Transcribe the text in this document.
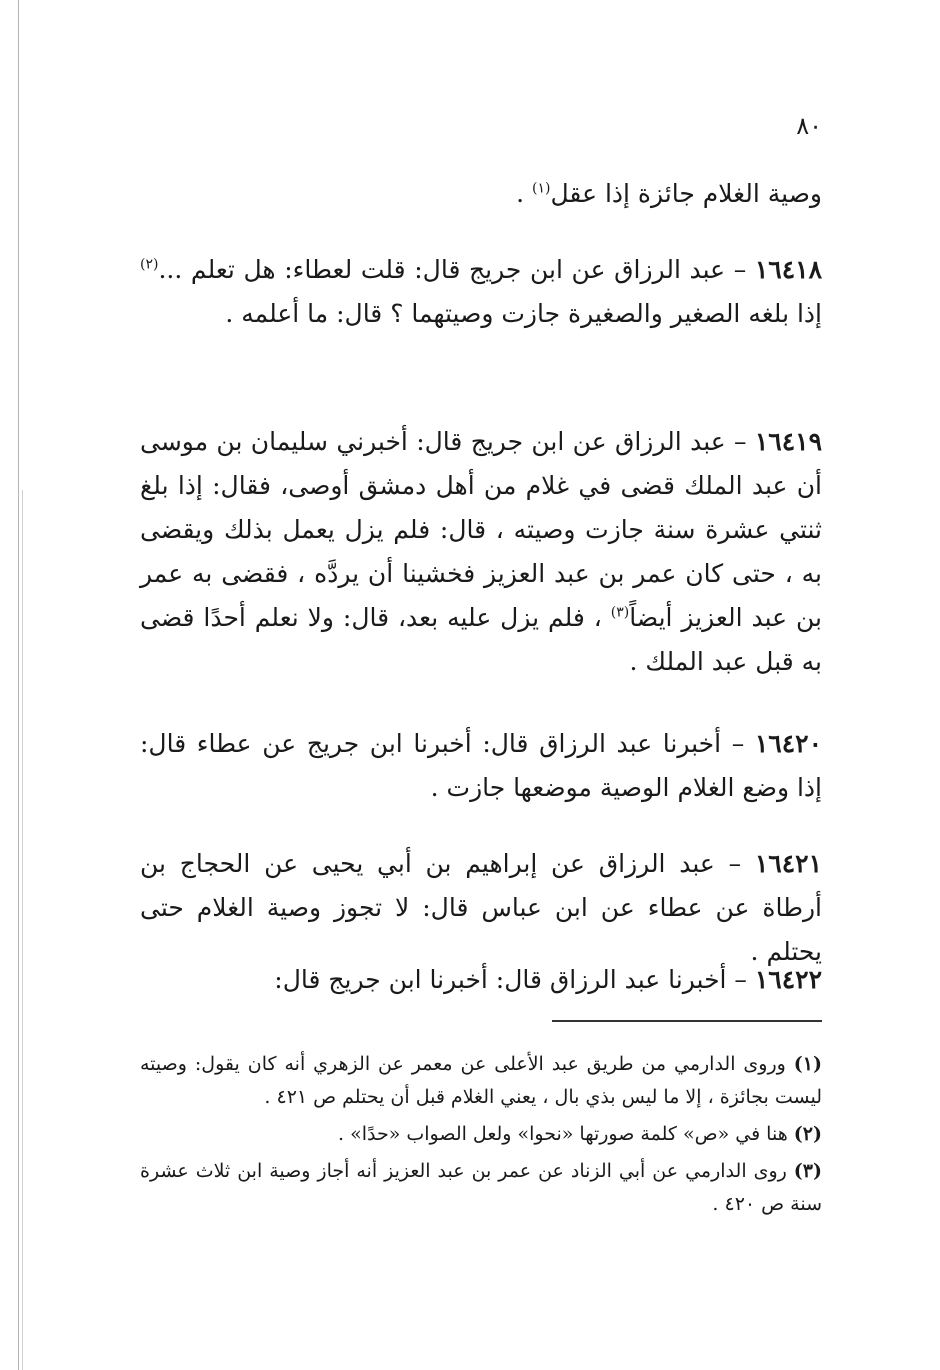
٨٠
وصية الغلام جائزة إذا عقل$^{(١)}$ .
١٦٤١٨ – عبد الرزاق عن ابن جريج قال: قلت لعطاء: هل تعلم ...$^{(٢)}$ إذا بلغه الصغير والصغيرة جازت وصيتهما ؟ قال: ما أعلمه .
١٦٤١٩ – عبد الرزاق عن ابن جريج قال: أخبرني سليمان بن موسى أن عبد الملك قضى في غلام من أهل دمشق أوصى، فقال: إذا بلغ ثنتي عشرة سنة جازت وصيته ، قال: فلم يزل يعمل بذلك ويقضى به ، حتى كان عمر بن عبد العزيز فخشينا أن يردَّه ، فقضى به عمر بن عبد العزيز أيضاً$^{(٣)}$ ، فلم يزل عليه بعد، قال: ولا نعلم أحدًا قضى به قبل عبد الملك .
١٦٤٢٠ – أخبرنا عبد الرزاق قال: أخبرنا ابن جريج عن عطاء قال: إذا وضع الغلام الوصية موضعها جازت .
١٦٤٢١ – عبد الرزاق عن إبراهيم بن أبي يحيى عن الحجاج بن أرطاة عن عطاء عن ابن عباس قال: لا تجوز وصية الغلام حتى يحتلم .
١٦٤٢٢ – أخبرنا عبد الرزاق قال: أخبرنا ابن جريج قال:

(١) وروى الدارمي من طريق عبد الأعلى عن معمر عن الزهري أنه كان يقول: وصيته ليست بجائزة ، إلا ما ليس بذي بال ، يعني الغلام قبل أن يحتلم ص ٤٢١ .

(٢) هنا في «ص» كلمة صورتها «نحوا» ولعل الصواب «حدًا» .

(٣) روى الدارمي عن أبي الزناد عن عمر بن عبد العزيز أنه أجاز وصية ابن ثلاث عشرة سنة ص ٤٢٠ .
